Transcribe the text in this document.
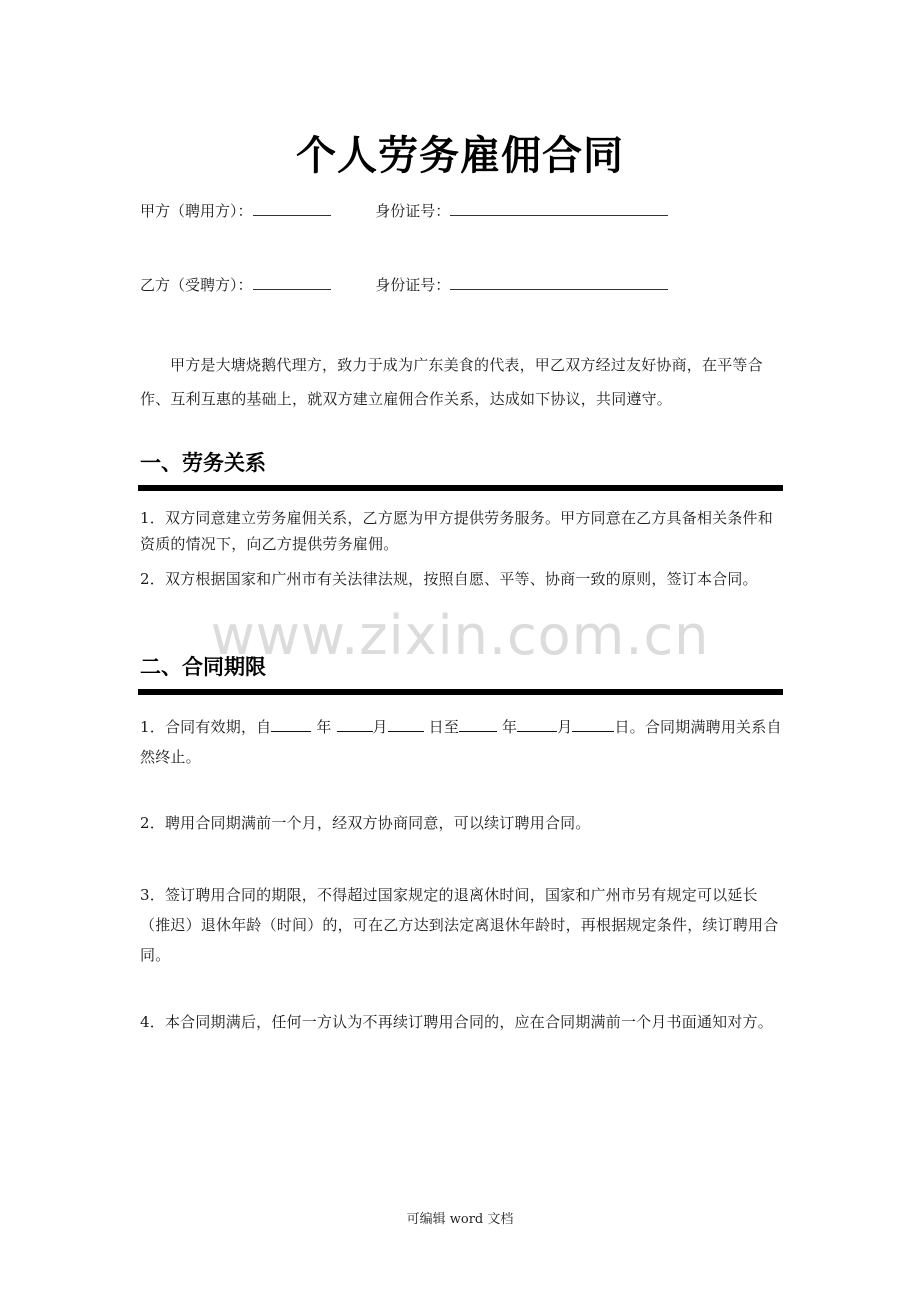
个人劳务雇佣合同
甲方（聘用方）：	身份证号：
乙方（受聘方）：	身份证号：
甲方是大塘烧鹅代理方，致力于成为广东美食的代表，甲乙双方经过友好协商，在平等合作、互利互惠的基础上，就双方建立雇佣合作关系，达成如下协议，共同遵守。
一、劳务关系
1．双方同意建立劳务雇佣关系，乙方愿为甲方提供劳务服务。甲方同意在乙方具备相关条件和资质的情况下，向乙方提供劳务雇佣。
2．双方根据国家和广州市有关法律法规，按照自愿、平等、协商一致的原则，签订本合同。
www.zixin.com.cn
二、合同期限
1．合同有效期，自	年	月	日至	年	月	日。合同期满聘用关系自然终止。
2．聘用合同期满前一个月，经双方协商同意，可以续订聘用合同。
3．签订聘用合同的期限，不得超过国家规定的退离休时间，国家和广州市另有规定可以延长（推迟）退休年龄（时间）的，可在乙方达到法定离退休年龄时，再根据规定条件，续订聘用合同。
4．本合同期满后，任何一方认为不再续订聘用合同的，应在合同期满前一个月书面通知对方。
可编辑 word 文档
